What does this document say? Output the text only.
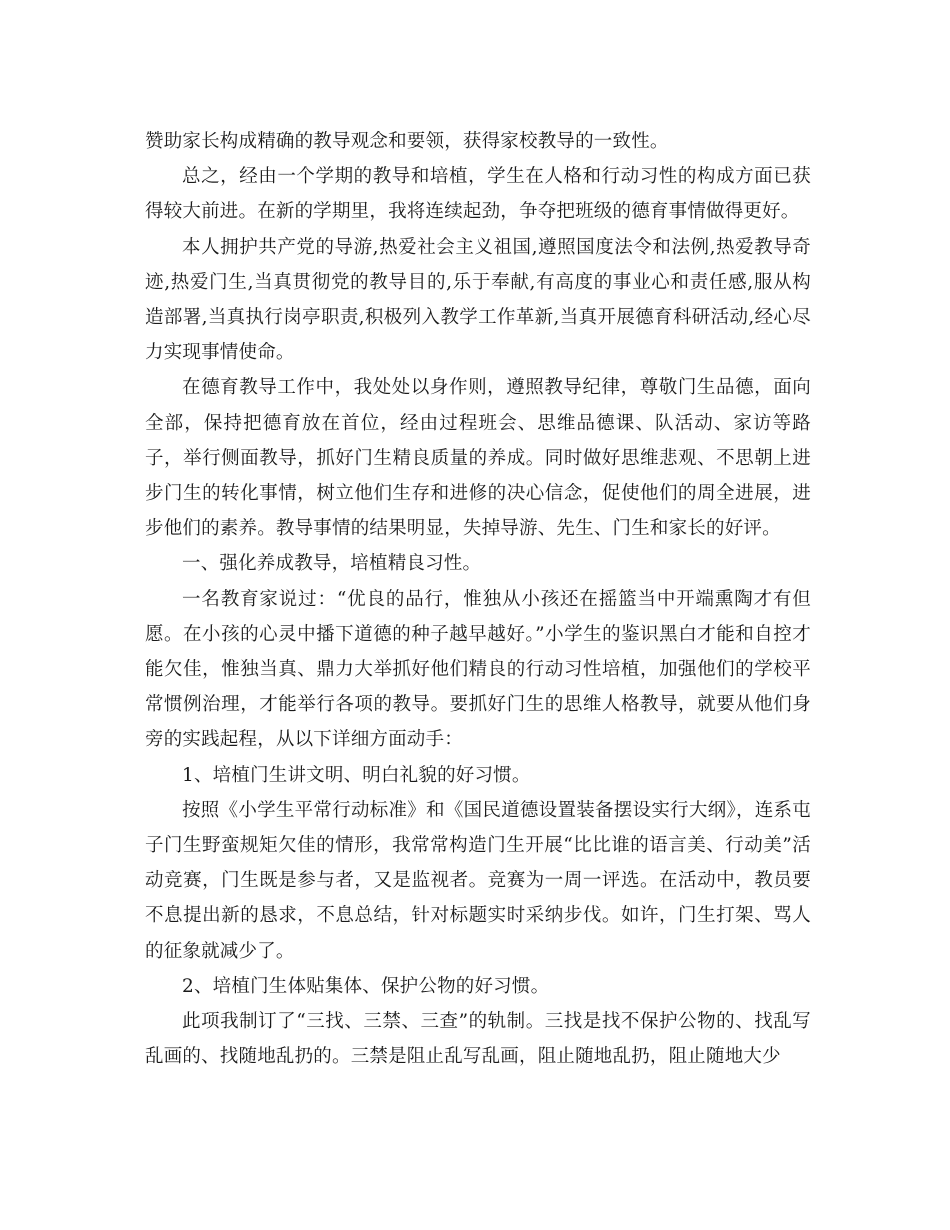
赞助家长构成精确的教导观念和要领，获得家校教导的一致性。

总之，经由一个学期的教导和培植，学生在人格和行动习性的构成方面已获得较大前进。在新的学期里，我将连续起劲，争夺把班级的德育事情做得更好。

本人拥护共产党的导游,热爱社会主义祖国,遵照国度法令和法例,热爱教导奇迹,热爱门生,当真贯彻党的教导目的,乐于奉献,有高度的事业心和责任感,服从构造部署,当真执行岗亭职责,积极列入教学工作革新,当真开展德育科研活动,经心尽力实现事情使命。

在德育教导工作中，我处处以身作则，遵照教导纪律，尊敬门生品德，面向全部，保持把德育放在首位，经由过程班会、思维品德课、队活动、家访等路子，举行侧面教导，抓好门生精良质量的养成。同时做好思维悲观、不思朝上进步门生的转化事情，树立他们生存和进修的决心信念，促使他们的周全进展，进步他们的素养。教导事情的结果明显，失掉导游、先生、门生和家长的好评。

一、强化养成教导，培植精良习性。

一名教育家说过：“优良的品行，惟独从小孩还在摇篮当中开端熏陶才有但愿。在小孩的心灵中播下道德的种子越早越好。”小学生的鉴识黑白才能和自控才能欠佳，惟独当真、鼎力大举抓好他们精良的行动习性培植，加强他们的学校平常惯例治理，才能举行各项的教导。要抓好门生的思维人格教导，就要从他们身旁的实践起程，从以下详细方面动手：

1、培植门生讲文明、明白礼貌的好习惯。

按照《小学生平常行动标准》和《国民道德设置装备摆设实行大纲》，连系屯子门生野蛮规矩欠佳的情形，我常常构造门生开展“比比谁的语言美、行动美”活动竞赛，门生既是参与者，又是监视者。竞赛为一周一评选。在活动中，教员要不息提出新的恳求，不息总结，针对标题实时采纳步伐。如许，门生打架、骂人的征象就减少了。

2、培植门生体贴集体、保护公物的好习惯。

此项我制订了“三找、三禁、三查”的轨制。三找是找不保护公物的、找乱写乱画的、找随地乱扔的。三禁是阻止乱写乱画，阻止随地乱扔，阻止随地大少
